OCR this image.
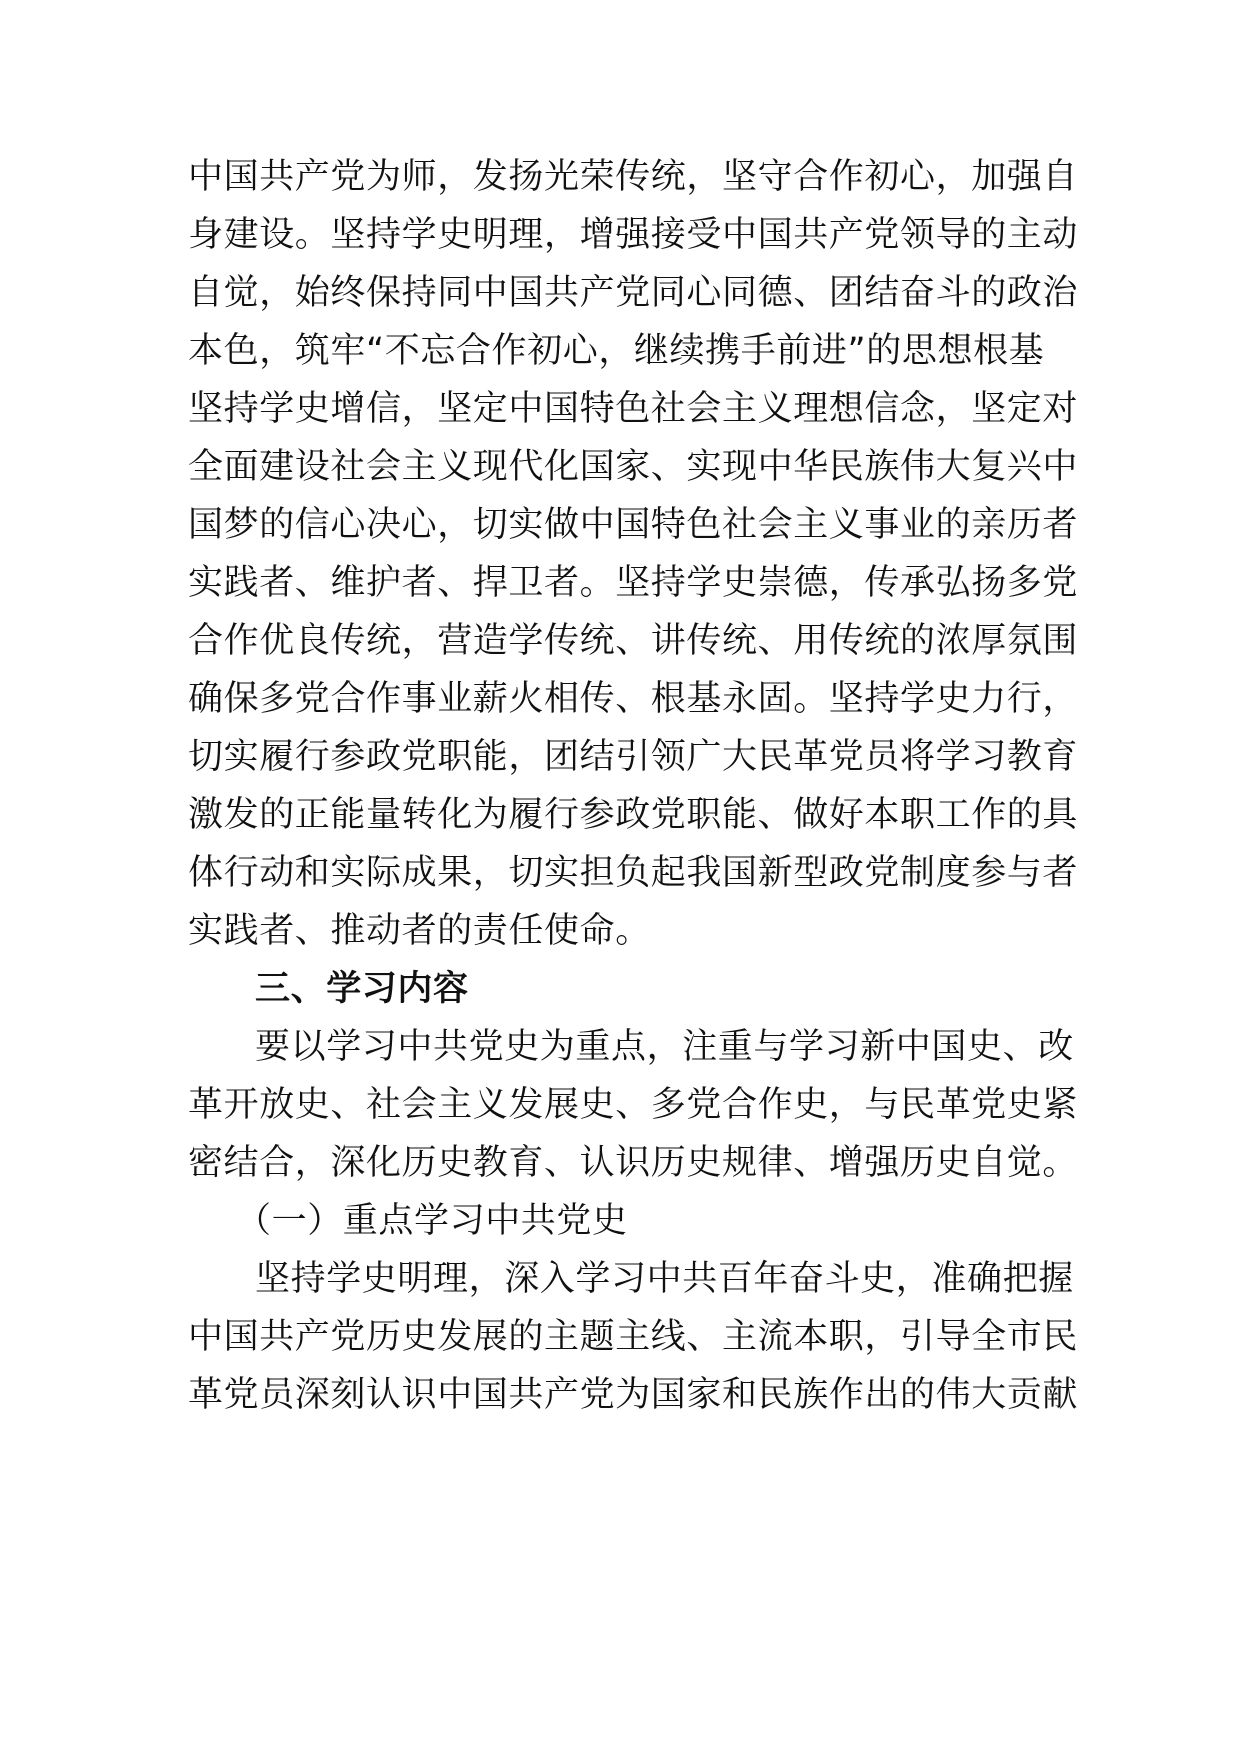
中国共产党为师，发扬光荣传统，坚守合作初心，加强自
身建设。坚持学史明理，增强接受中国共产党领导的主动
自觉，始终保持同中国共产党同心同德、团结奋斗的政治
本色，筑牢“不忘合作初心，继续携手前进”的思想根基
坚持学史增信，坚定中国特色社会主义理想信念，坚定对
全面建设社会主义现代化国家、实现中华民族伟大复兴中
国梦的信心决心，切实做中国特色社会主义事业的亲历者
实践者、维护者、捍卫者。坚持学史崇德，传承弘扬多党
合作优良传统，营造学传统、讲传统、用传统的浓厚氛围
确保多党合作事业薪火相传、根基永固。坚持学史力行，
切实履行参政党职能，团结引领广大民革党员将学习教育
激发的正能量转化为履行参政党职能、做好本职工作的具
体行动和实际成果，切实担负起我国新型政党制度参与者
实践者、推动者的责任使命。
三、学习内容
要以学习中共党史为重点，注重与学习新中国史、改
革开放史、社会主义发展史、多党合作史，与民革党史紧
密结合，深化历史教育、认识历史规律、增强历史自觉。
（一）重点学习中共党史
坚持学史明理，深入学习中共百年奋斗史，准确把握
中国共产党历史发展的主题主线、主流本职，引导全市民
革党员深刻认识中国共产党为国家和民族作出的伟大贡献
